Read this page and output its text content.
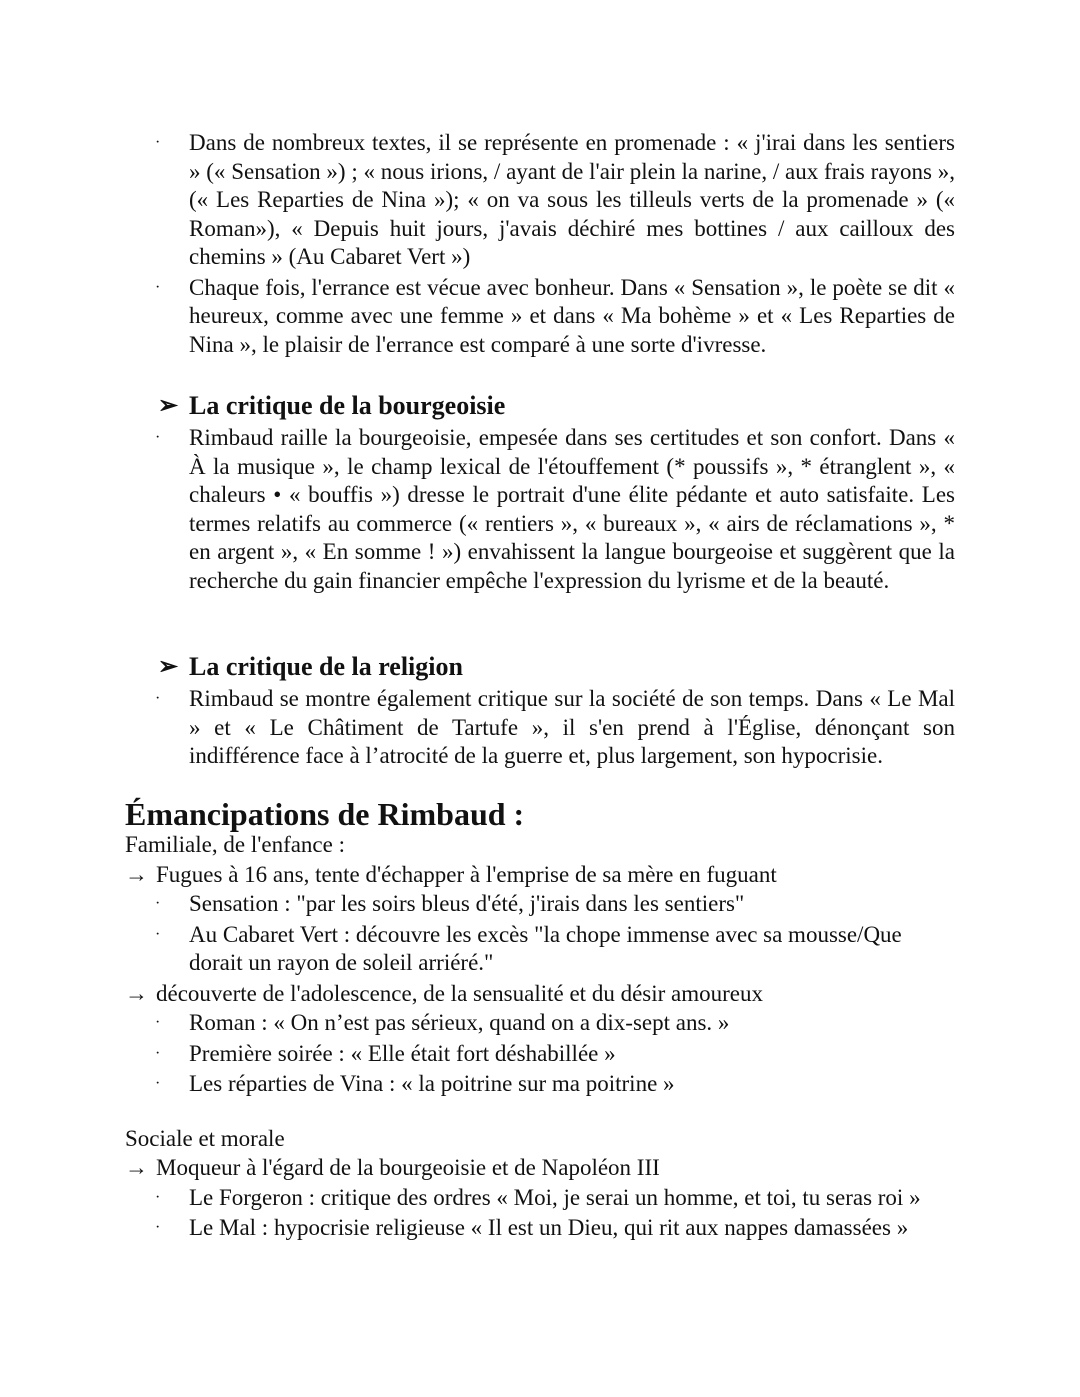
· Dans de nombreux textes, il se représente en promenade : « j'irai dans les sentiers » (« Sensation ») ; « nous irions, / ayant de l'air plein la narine, / aux frais rayons », (« Les Reparties de Nina »); « on va sous les tilleuls verts de la promenade » (« Roman»), « Depuis huit jours, j'avais déchiré mes bottines / aux cailloux des chemins » (Au Cabaret Vert »)
· Chaque fois, l'errance est vécue avec bonheur. Dans « Sensation », le poète se dit « heureux, comme avec une femme » et dans « Ma bohème » et « Les Reparties de Nina », le plaisir de l'errance est comparé à une sorte d'ivresse.
➢ La critique de la bourgeoisie
· Rimbaud raille la bourgeoisie, empesée dans ses certitudes et son confort. Dans « À la musique », le champ lexical de l'étouffement (* poussifs », * étranglent », « chaleurs • « bouffis ») dresse le portrait d'une élite pédante et auto satisfaite. Les termes relatifs au commerce (« rentiers », « bureaux », « airs de réclamations », * en argent », « En somme ! ») envahissent la langue bourgeoise et suggèrent que la recherche du gain financier empêche l'expression du lyrisme et de la beauté.
➢ La critique de la religion
· Rimbaud se montre également critique sur la société de son temps. Dans « Le Mal » et « Le Châtiment de Tartufe », il s'en prend à l'Église, dénonçant son indifférence face à l’atrocité de la guerre et, plus largement, son hypocrisie.
Émancipations de Rimbaud :

Familiale, de l'enfance :

→ Fugues à 16 ans, tente d'échapper à l'emprise de sa mère en fuguant

· Sensation : "par les soirs bleus d'été, j'irais dans les sentiers"
· Au Cabaret Vert : découvre les excès "la chope immense avec sa mousse/Que dorait un rayon de soleil arriéré."

→ découverte de l'adolescence, de la sensualité et du désir amoureux

· Roman : « On n’est pas sérieux, quand on a dix-sept ans. »
· Première soirée : « Elle était fort déshabillée »
· Les réparties de Vina : « la poitrine sur ma poitrine »

Sociale et morale

→ Moqueur à l'égard de la bourgeoisie et de Napoléon III

· Le Forgeron : critique des ordres « Moi, je serai un homme, et toi, tu seras roi »
· Le Mal : hypocrisie religieuse « Il est un Dieu, qui rit aux nappes damassées »
